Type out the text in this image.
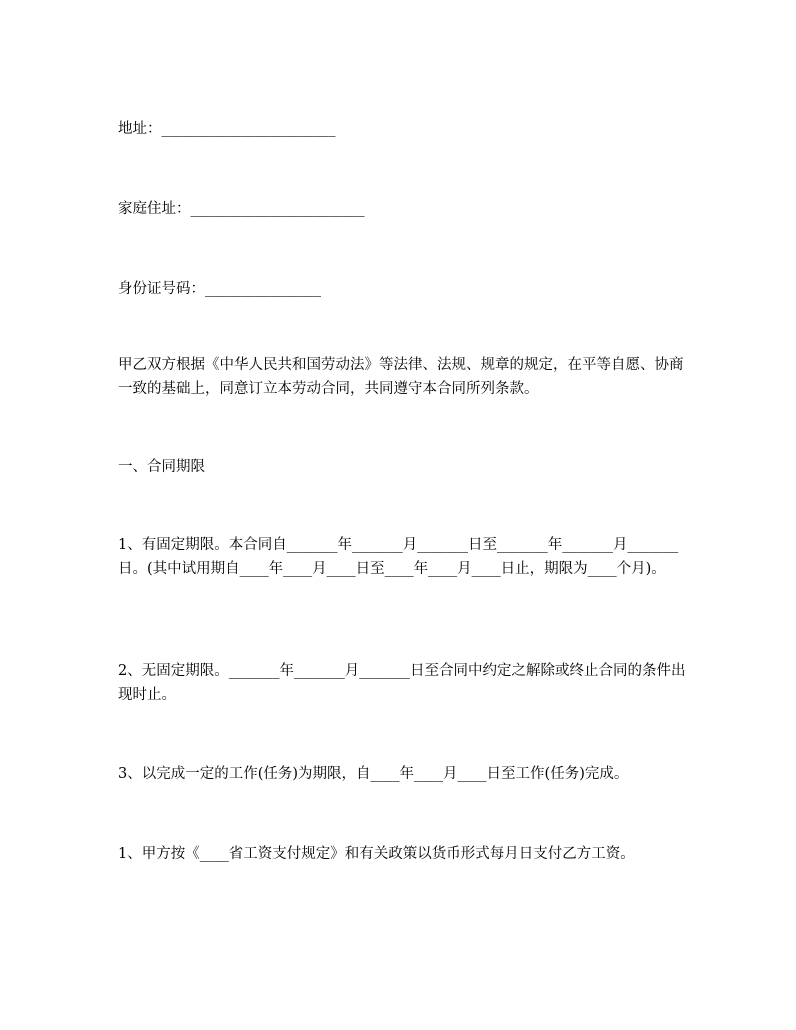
地址：________________________

家庭住址：________________________

身份证号码：________________

甲乙双方根据《中华人民共和国劳动法》等法律、法规、规章的规定，在平等自愿、协商一致的基础上，同意订立本劳动合同，共同遵守本合同所列条款。

一、合同期限

1、有固定期限。本合同自_______年_______月_______日至_______年_______月_______日。(其中试用期自____年____月____日至____年____月____日止，期限为____个月)。

2、无固定期限。_______年_______月_______日至合同中约定之解除或终止合同的条件出现时止。

3、以完成一定的工作(任务)为期限，自____年____月____日至工作(任务)完成。

1、甲方按《____省工资支付规定》和有关政策以货币形式每月日支付乙方工资。
